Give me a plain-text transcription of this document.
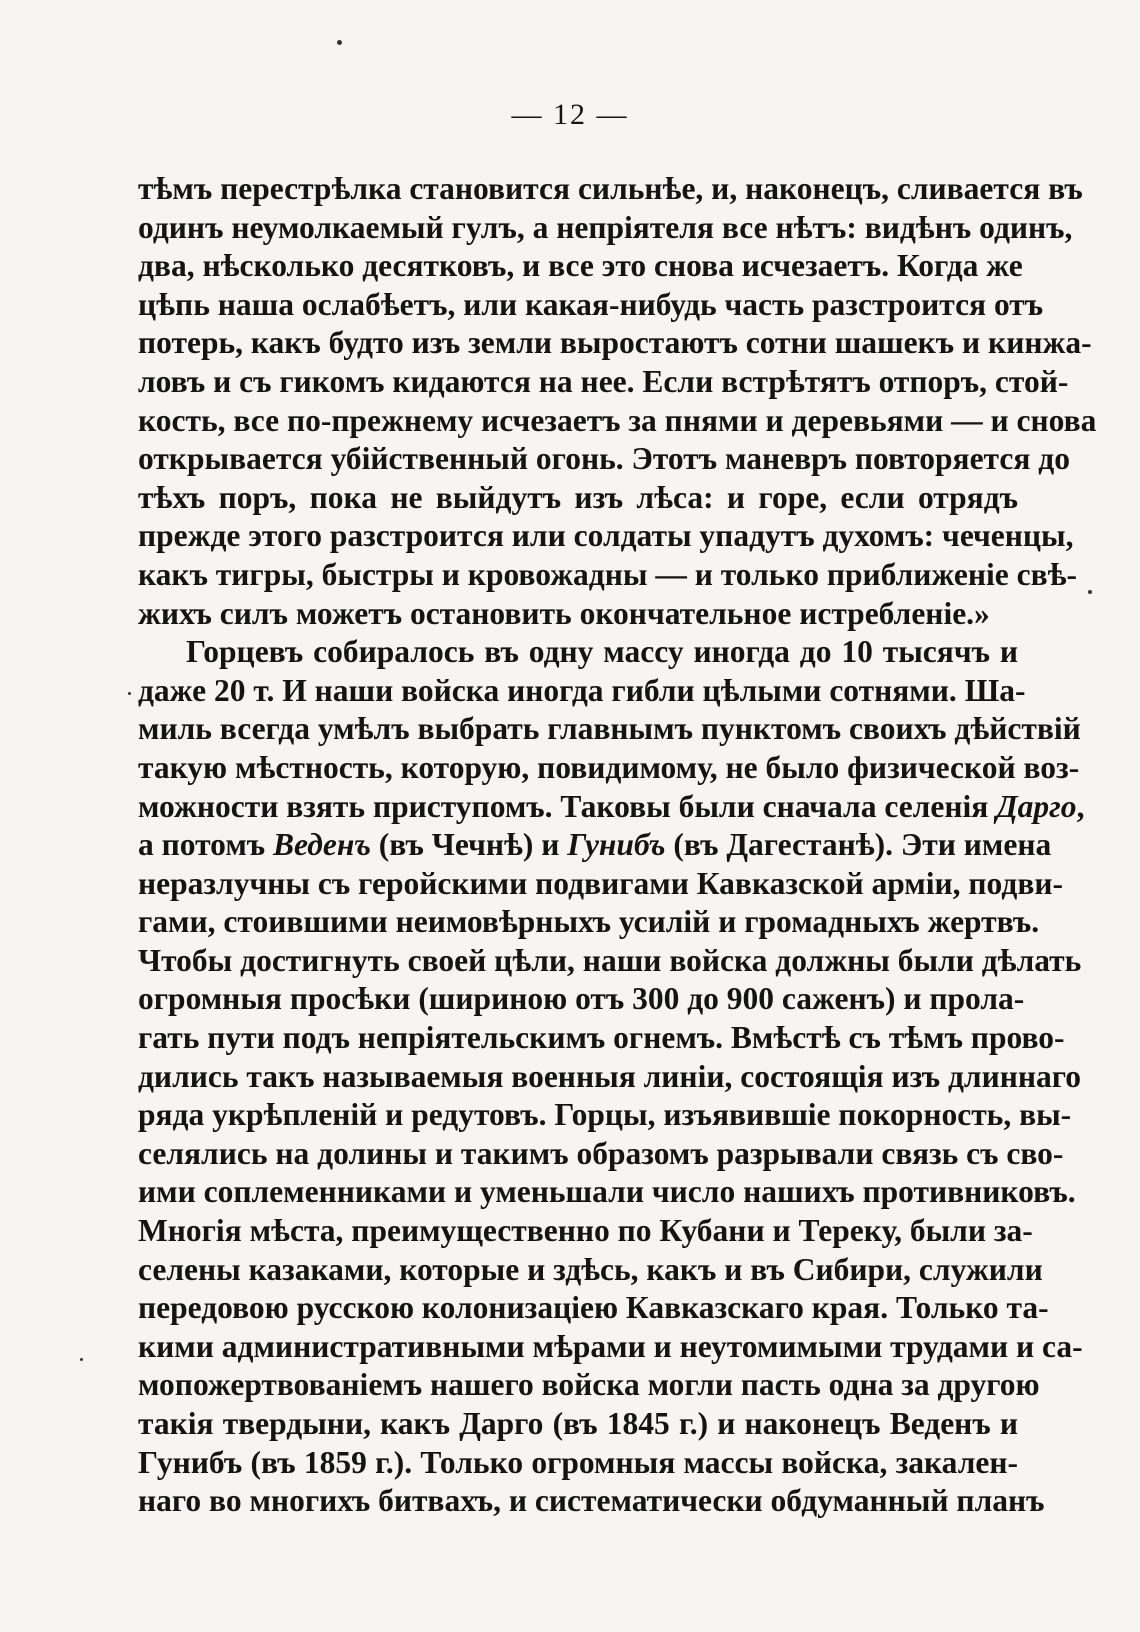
— 12 —
тѣмъ перестрѣлка становится сильнѣе, и, наконецъ, сливается въ
одинъ неумолкаемый гулъ, а непріятеля все нѣтъ: видѣнъ одинъ,
два, нѣсколько десятковъ, и все это снова исчезаетъ. Когда же
цѣпь наша ослабѣетъ, или какая-нибудь часть разстроится отъ
потерь, какъ будто изъ земли выростаютъ сотни шашекъ и кинжа-
ловъ и съ гикомъ кидаются на нее. Если встрѣтятъ отпоръ, стой-
кость, все по-прежнему исчезаетъ за пнями и деревьями — и снова
открывается убійственный огонь. Этотъ маневръ повторяется до
тѣхъ поръ, пока не выйдутъ изъ лѣса: и горе, если отрядъ
прежде этого разстроится или солдаты упадутъ духомъ: чеченцы,
какъ тигры, быстры и кровожадны — и только приближеніе свѣ-
жихъ силъ можетъ остановить окончательное истребленіе.»
Горцевъ собиралось въ одну массу иногда до 10 тысячъ и
даже 20 т. И наши войска иногда гибли цѣлыми сотнями. Ша-
миль всегда умѣлъ выбрать главнымъ пунктомъ своихъ дѣйствій
такую мѣстность, которую, повидимому, не было физической воз-
можности взять приступомъ. Таковы были сначала селенія Дарго,
а потомъ Веденъ (въ Чечнѣ) и Гунибъ (въ Дагестанѣ). Эти имена
неразлучны съ геройскими подвигами Кавказской арміи, подви-
гами, стоившими неимовѣрныхъ усилій и громадныхъ жертвъ.
Чтобы достигнуть своей цѣли, наши войска должны были дѣлать
огромныя просѣки (шириною отъ 300 до 900 саженъ) и прола-
гать пути подъ непріятельскимъ огнемъ. Вмѣстѣ съ тѣмъ прово-
дились такъ называемыя военныя линіи, состоящія изъ длиннаго
ряда укрѣпленій и редутовъ. Горцы, изъявившіе покорность, вы-
селялись на долины и такимъ образомъ разрывали связь съ сво-
ими соплеменниками и уменьшали число нашихъ противниковъ.
Многія мѣста, преимущественно по Кубани и Тереку, были за-
селены казаками, которые и здѣсь, какъ и въ Сибири, служили
передовою русскою колонизаціею Кавказскаго края. Только та-
кими административными мѣрами и неутомимыми трудами и са-
мопожертвованіемъ нашего войска могли пасть одна за другою
такія твердыни, какъ Дарго (въ 1845 г.) и наконецъ Веденъ и
Гунибъ (въ 1859 г.). Только огромныя массы войска, закален-
наго во многихъ битвахъ, и систематически обдуманный планъ
